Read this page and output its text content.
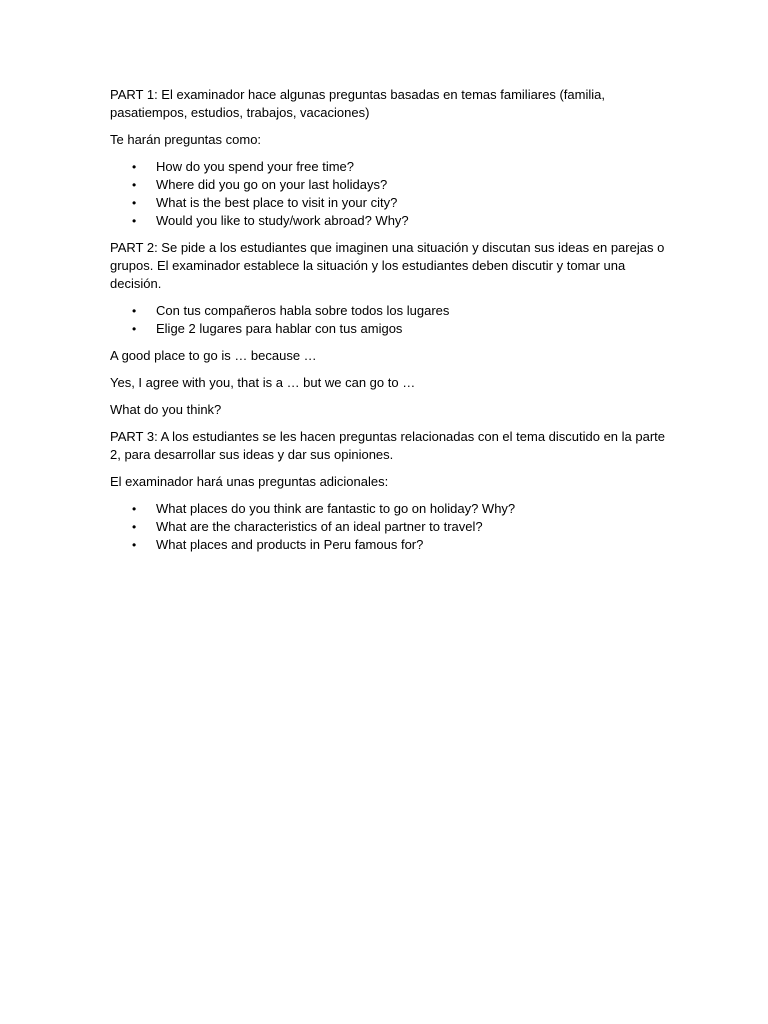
PART 1: El examinador hace algunas preguntas basadas en temas familiares (familia, pasatiempos, estudios, trabajos, vacaciones)

Te harán preguntas como:

•	How do you spend your free time?
•	Where did you go on your last holidays?
•	What is the best place to visit in your city?
•	Would you like to study/work abroad? Why?

PART 2: Se pide a los estudiantes que imaginen una situación y discutan sus ideas en parejas o grupos. El examinador establece la situación y los estudiantes deben discutir y tomar una decisión.

•	Con tus compañeros habla sobre todos los lugares
•	Elige 2 lugares para hablar con tus amigos

A good place to go is … because …

Yes, I agree with you, that is a … but we can go to …

What do you think?

PART 3: A los estudiantes se les hacen preguntas relacionadas con el tema discutido en la parte 2, para desarrollar sus ideas y dar sus opiniones.

El examinador hará unas preguntas adicionales:

•	What places do you think are fantastic to go on holiday? Why?
•	What are the characteristics of an ideal partner to travel?
•	What places and products in Peru famous for?
